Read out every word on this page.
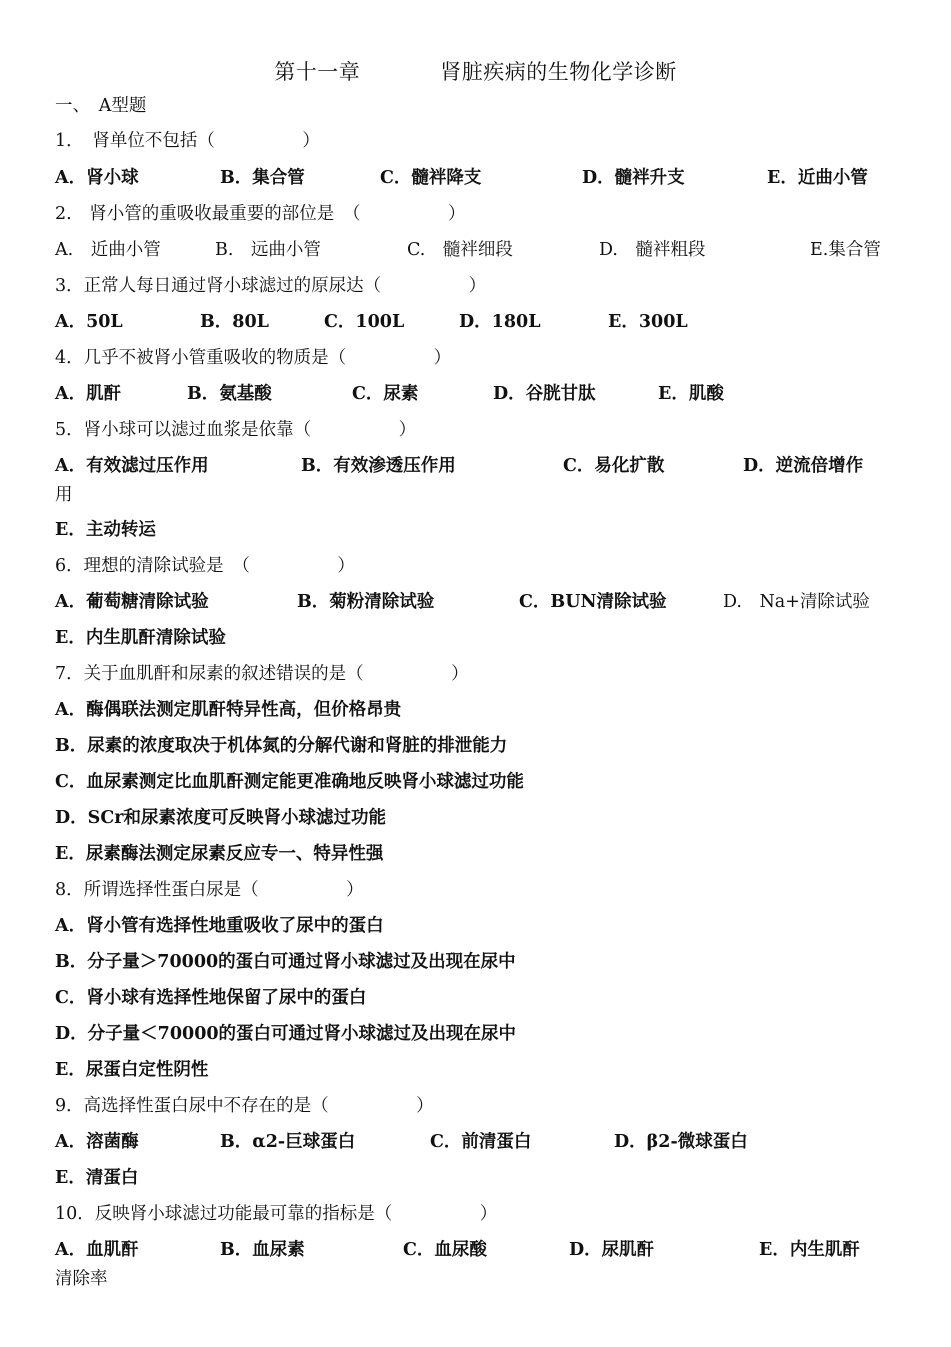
第十一章	肾脏疾病的生物化学诊断
一、　A型题
1．　肾单位不包括（　　　　　）
A．肾小球	B．集合管	C．髓袢降支	D．髓袢升支	E．近曲小管
2.　肾小管的重吸收最重要的部位是　（　　　　　）
A.　近曲小管	B.　远曲小管	C.　髓袢细段	D.　髓袢粗段	E.集合管
3．正常人每日通过肾小球滤过的原尿达（　　　　　）
A．50L	B．80L	C．100L	D．180L	E．300L
4．几乎不被肾小管重吸收的物质是（　　　　　）
A．肌酐	B．氨基酸	C．尿素	D．谷胱甘肽	E．肌酸
5．肾小球可以滤过血浆是依靠（　　　　　）
A．有效滤过压作用	B．有效渗透压作用	C．易化扩散	D．逆流倍增作
用
E．主动转运
6．理想的清除试验是　（　　　　　）
A．葡萄糖清除试验	B．菊粉清除试验	C．BUN清除试验	D.　Na+清除试验
E．内生肌酐清除试验
7．关于血肌酐和尿素的叙述错误的是（　　　　　）
A．酶偶联法测定肌酐特异性高，但价格昂贵
B．尿素的浓度取决于机体氮的分解代谢和肾脏的排泄能力
C．血尿素测定比血肌酐测定能更准确地反映肾小球滤过功能
D．SCr和尿素浓度可反映肾小球滤过功能
E．尿素酶法测定尿素反应专一、特异性强
8．所谓选择性蛋白尿是（　　　　　）
A．肾小管有选择性地重吸收了尿中的蛋白
B．分子量＞70000的蛋白可通过肾小球滤过及出现在尿中
C．肾小球有选择性地保留了尿中的蛋白
D．分子量＜70000的蛋白可通过肾小球滤过及出现在尿中
E．尿蛋白定性阴性
9．高选择性蛋白尿中不存在的是（　　　　　）
A．溶菌酶	B．α2-巨球蛋白	C．前清蛋白	D．β2-微球蛋白
E．清蛋白
10．反映肾小球滤过功能最可靠的指标是（　　　　　）
A．血肌酐	B．血尿素	C．血尿酸	D．尿肌酐	E．内生肌酐
清除率
